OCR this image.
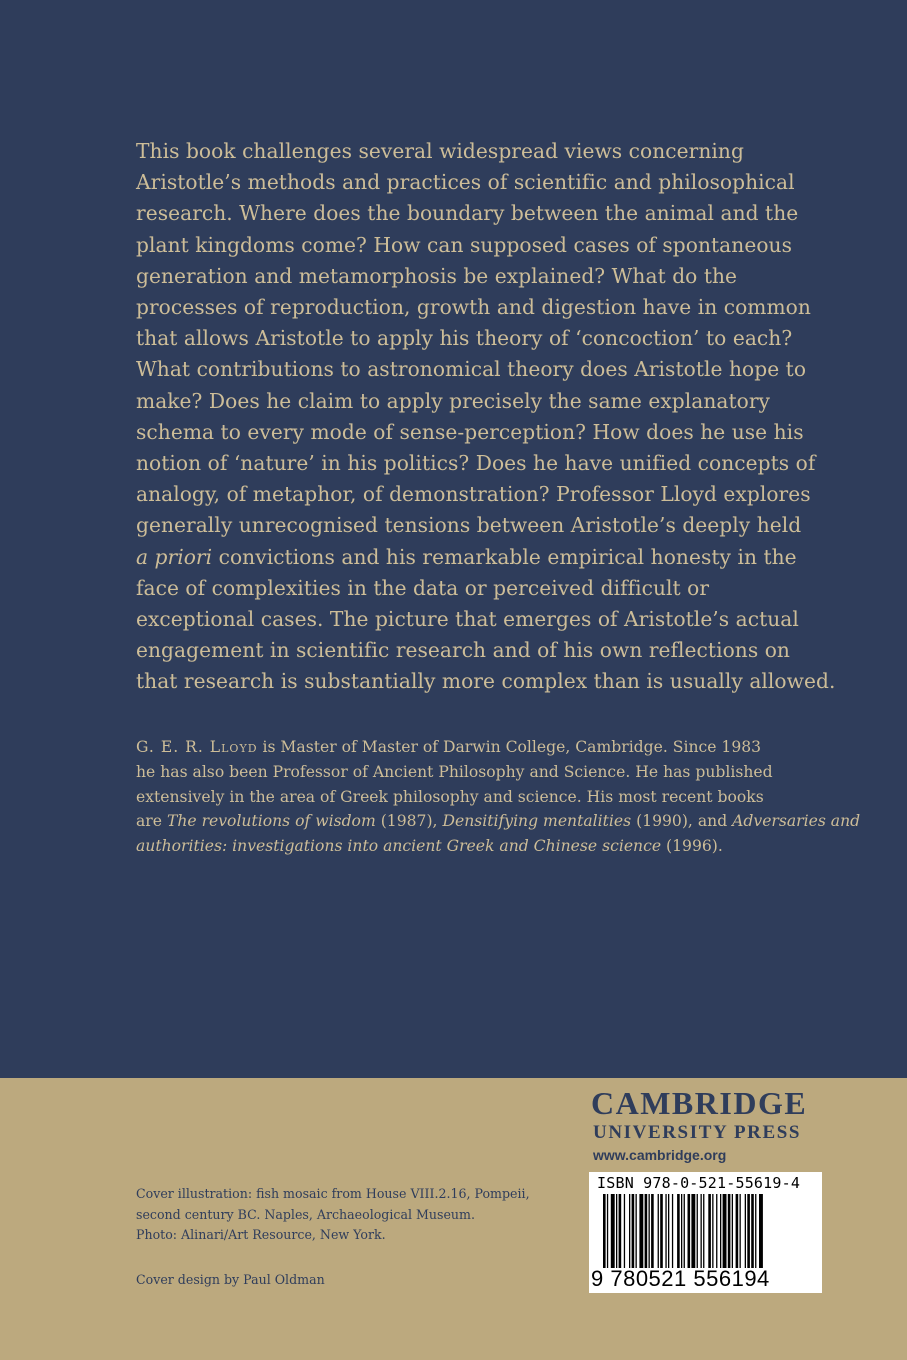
This book challenges several widespread views concerning
Aristotle’s methods and practices of scientific and philosophical
research. Where does the boundary between the animal and the
plant kingdoms come? How can supposed cases of spontaneous
generation and metamorphosis be explained? What do the
processes of reproduction, growth and digestion have in common
that allows Aristotle to apply his theory of ‘concoction’ to each?
What contributions to astronomical theory does Aristotle hope to
make? Does he claim to apply precisely the same explanatory
schema to every mode of sense-perception? How does he use his
notion of ‘nature’ in his politics? Does he have unified concepts of
analogy, of metaphor, of demonstration? Professor Lloyd explores
generally unrecognised tensions between Aristotle’s deeply held
a priori convictions and his remarkable empirical honesty in the
face of complexities in the data or perceived difficult or
exceptional cases. The picture that emerges of Aristotle’s actual
engagement in scientific research and of his own reflections on
that research is substantially more complex than is usually allowed.
G. E. R. Lloyd is Master of Master of Darwin College, Cambridge. Since 1983
he has also been Professor of Ancient Philosophy and Science. He has published
extensively in the area of Greek philosophy and science. His most recent books
are The revolutions of wisdom (1987), Densitifying mentalities (1990), and Adversaries and
authorities: investigations into ancient Greek and Chinese science (1996).
CAMBRIDGE
UNIVERSITY PRESS
www.cambridge.org
Cover illustration: fish mosaic from House VIII.2.16, Pompeii,
second century BC. Naples, Archaeological Museum.
Photo: Alinari/Art Resource, New York.
Cover design by Paul Oldman
ISBN 978-0-521-55619-4
9 780521 556194
